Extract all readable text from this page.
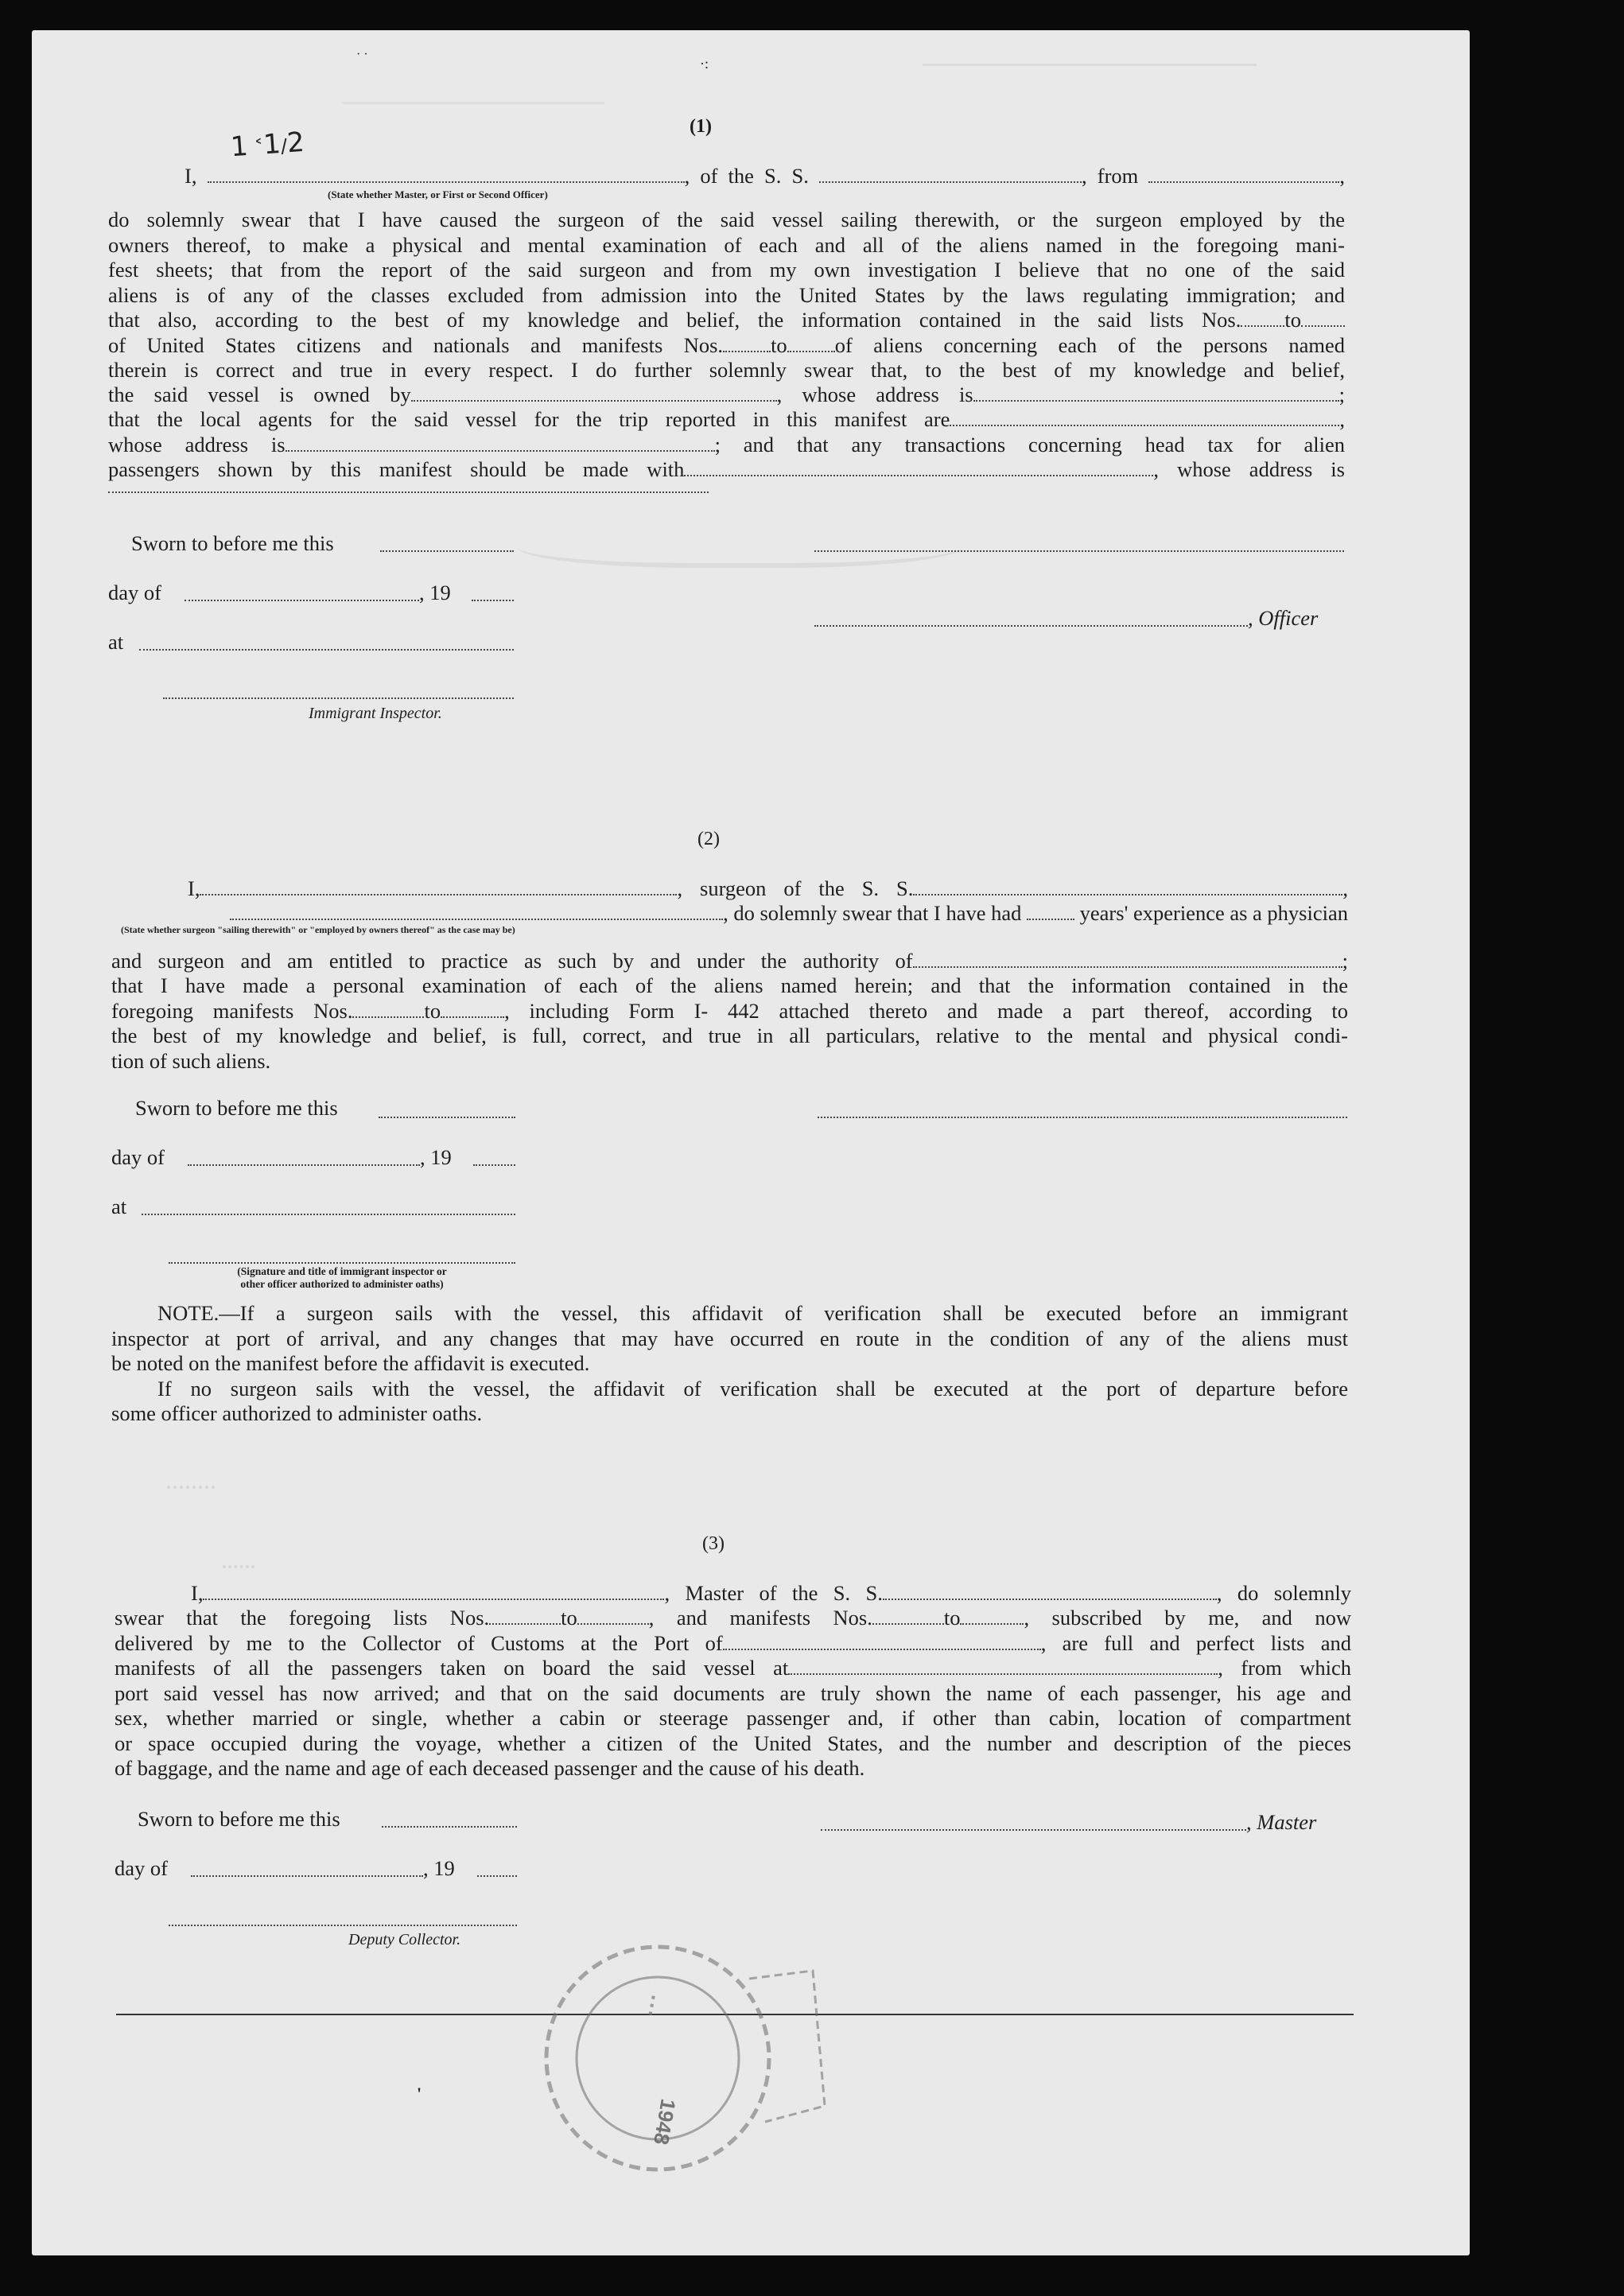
· ·
·:
1 ˂1/2	(1)
I,	, of the S. S.	, from	,
(State whether Master, or First or Second Officer)
do solemnly swear that I have caused the surgeon of the said vessel sailing therewith, or the surgeon employed by the
owners thereof, to make a physical and mental examination of each and all of the aliens named in the foregoing mani-
fest sheets; that from the report of the said surgeon and from my own investigation I believe that no one of the said
aliens is of any of the classes excluded from admission into the United States by the laws regulating immigration; and
that also, according to the best of my knowledge and belief, the information contained in the said lists Nos. to
of United States citizens and nationals and manifests Nos. to of aliens concerning each of the persons named
therein is correct and true in every respect. I do further solemnly swear that, to the best of my knowledge and belief,
the said vessel is owned by	, whose address is	;
that the local agents for the said vessel for the trip reported in this manifest are	,
whose address is	; and that any transactions concerning head tax for alien
passengers shown by this manifest should be made with	, whose address is
Sworn to before me this
day of	, 19
, Officer
at
Immigrant Inspector.
(2)
I,	, surgeon of the S. S.	,
, do solemnly swear that I have had	years' experience as a physician
(State whether surgeon "sailing therewith" or "employed by owners thereof" as the case may be)
and surgeon and am entitled to practice as such by and under the authority of	;
that I have made a personal examination of each of the aliens named herein; and that the information contained in the
foregoing manifests Nos.	to	, including Form I- 442 attached thereto and made a part thereof, according to
the best of my knowledge and belief, is full, correct, and true in all particulars, relative to the mental and physical condi-
tion of such aliens.
Sworn to before me this
day of	, 19
at
(Signature and title of immigrant inspector or
other officer authorized to administer oaths)
NOTE.—If a surgeon sails with the vessel, this affidavit of verification shall be executed before an immigrant
inspector at port of arrival, and any changes that may have occurred en route in the condition of any of the aliens must
be noted on the manifest before the affidavit is executed.
If no surgeon sails with the vessel, the affidavit of verification shall be executed at the port of departure before
some officer authorized to administer oaths.
(3)
I,	, Master of the S. S.	, do solemnly
swear that the foregoing lists Nos.	to	, and manifests Nos.	to	, subscribed by me, and now
delivered by me to the Collector of Customs at the Port of	, are full and perfect lists and
manifests of all the passengers taken on board the said vessel at	, from which
port said vessel has now arrived; and that on the said documents are truly shown the name of each passenger, his age and
sex, whether married or single, whether a cabin or steerage passenger and, if other than cabin, location of compartment
or space occupied during the voyage, whether a citizen of the United States, and the number and description of the pieces
of baggage, and the name and age of each deceased passenger and the cause of his death.
Sworn to before me this	, Master
day of	, 19
Deputy Collector.
1948
▪ ▪ ▪
'
